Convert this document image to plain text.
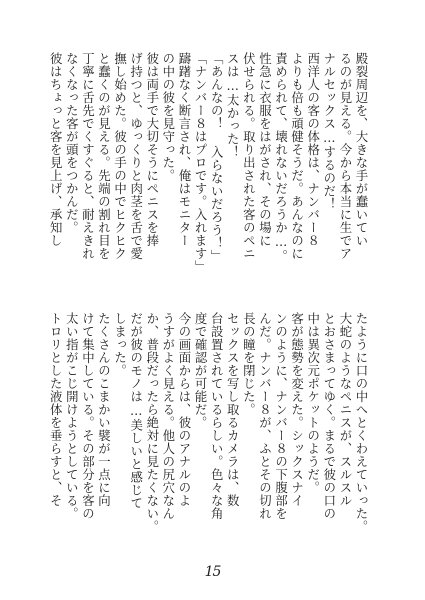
殿裂周辺を、大きな手が蠢いてい
るのが見える。今から本当に生でア
ナルセックス…するのだ！
西洋人の客の体格は、ナンバー８
よりも倍も頑健そうだ。あんなのに
責められて、壊れないだろうか…。
性急に衣服をはがされ、その場に
伏せられる。取り出された客のペニ
スは…太かった！
「あんなの！ 入らないだろう！」
「ナンバー８はプロです。入れます」
躊躇なく断言され、俺はモニター
の中の彼を見守った。
彼は両手で大切そうにペニスを捧
げ持つと、ゆっくりと肉茎を舌で愛
撫し始めた。彼の手の中でヒクヒク
と蠢くのが見える。先端の割れ目を
丁寧に舌先でくすぐると、耐えきれ
なくなった客が頭をつかんだ。
彼はちょっと客を見上げ、承知し
たように口の中へとくわえていった。
大蛇のようなペニスが、スルスル
とおさまってゆく。まるで彼の口の
中は異次元ポケットのようだ。
客が態勢を変えた。シックスナイ
ンのように、ナンバー８の下腹部を
んだ。ナンバー８が、ふとその切れ
長の瞳を閉じた。
セックスを写し取るカメラは、数
台設置されているらしい。色々な角
度で確認が可能だ。
今の画面からは、彼のアナルのよ
うすがよく見える。他人の尻穴なん
か、普段だったら絶対に見たくない。
だが彼のモノは…美しいと感じて
しまった。
たくさんのこまかい襞が一点に向
けて集中している。その部分を客の
太い指がこじ開けようとしている。
トロリとした液体を垂らすと、そ
15
